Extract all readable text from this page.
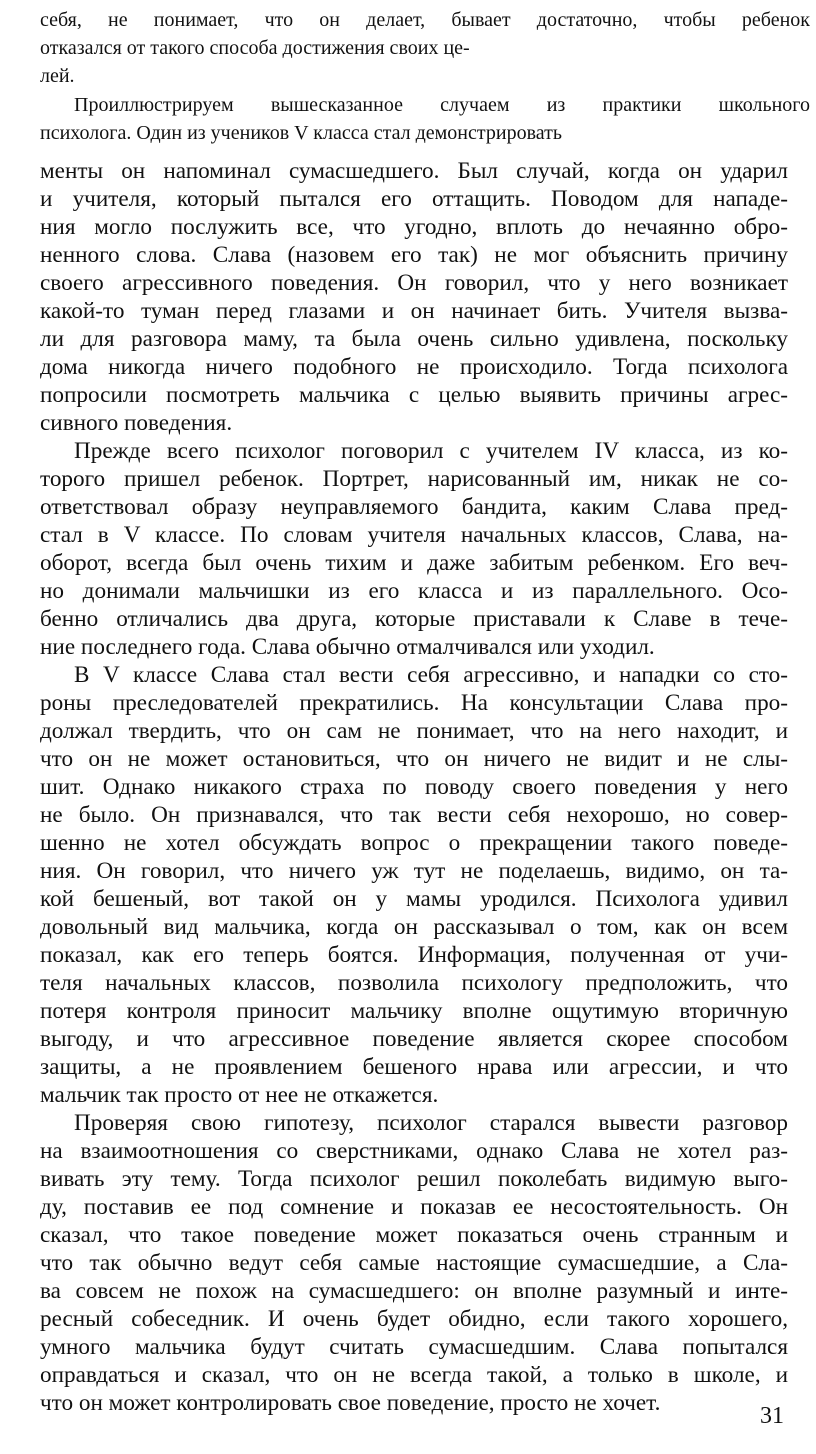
себя, не понимает, что он делает, бывает достаточно, чтобы ребенок
отказался от такого способа достижения своих це-
лей.
Проиллюстрируем вышесказанное случаем из практики школьного
психолога. Один из учеников V класса стал демонстрировать
менты он напоминал сумасшедшего. Был случай, когда он ударил
и учителя, который пытался его оттащить. Поводом для нападе-
ния могло послужить все, что угодно, вплоть до нечаянно обро-
ненного слова. Слава (назовем его так) не мог объяснить причину
своего агрессивного поведения. Он говорил, что у него возникает
какой-то туман перед глазами и он начинает бить. Учителя вызва-
ли для разговора маму, та была очень сильно удивлена, поскольку
дома никогда ничего подобного не происходило. Тогда психолога
попросили посмотреть мальчика с целью выявить причины агрес-
сивного поведения.
Прежде всего психолог поговорил с учителем IV класса, из ко-
торого пришел ребенок. Портрет, нарисованный им, никак не со-
ответствовал образу неуправляемого бандита, каким Слава пред-
стал в V классе. По словам учителя начальных классов, Слава, на-
оборот, всегда был очень тихим и даже забитым ребенком. Его веч-
но донимали мальчишки из его класса и из параллельного. Осо-
бенно отличались два друга, которые приставали к Славе в тече-
ние последнего года. Слава обычно отмалчивался или уходил.
В V классе Слава стал вести себя агрессивно, и нападки со сто-
роны преследователей прекратились. На консультации Слава про-
должал твердить, что он сам не понимает, что на него находит, и
что он не может остановиться, что он ничего не видит и не слы-
шит. Однако никакого страха по поводу своего поведения у него
не было. Он признавался, что так вести себя нехорошо, но совер-
шенно не хотел обсуждать вопрос о прекращении такого поведе-
ния. Он говорил, что ничего уж тут не поделаешь, видимо, он та-
кой бешеный, вот такой он у мамы уродился. Психолога удивил
довольный вид мальчика, когда он рассказывал о том, как он всем
показал, как его теперь боятся. Информация, полученная от учи-
теля начальных классов, позволила психологу предположить, что
потеря контроля приносит мальчику вполне ощутимую вторичную
выгоду, и что агрессивное поведение является скорее способом
защиты, а не проявлением бешеного нрава или агрессии, и что
мальчик так просто от нее не откажется.
Проверяя свою гипотезу, психолог старался вывести разговор
на взаимоотношения со сверстниками, однако Слава не хотел раз-
вивать эту тему. Тогда психолог решил поколебать видимую выго-
ду, поставив ее под сомнение и показав ее несостоятельность. Он
сказал, что такое поведение может показаться очень странным и
что так обычно ведут себя самые настоящие сумасшедшие, а Сла-
ва совсем не похож на сумасшедшего: он вполне разумный и инте-
ресный собеседник. И очень будет обидно, если такого хорошего,
умного мальчика будут считать сумасшедшим. Слава попытался
оправдаться и сказал, что он не всегда такой, а только в школе, и
что он может контролировать свое поведение, просто не хочет.	31
